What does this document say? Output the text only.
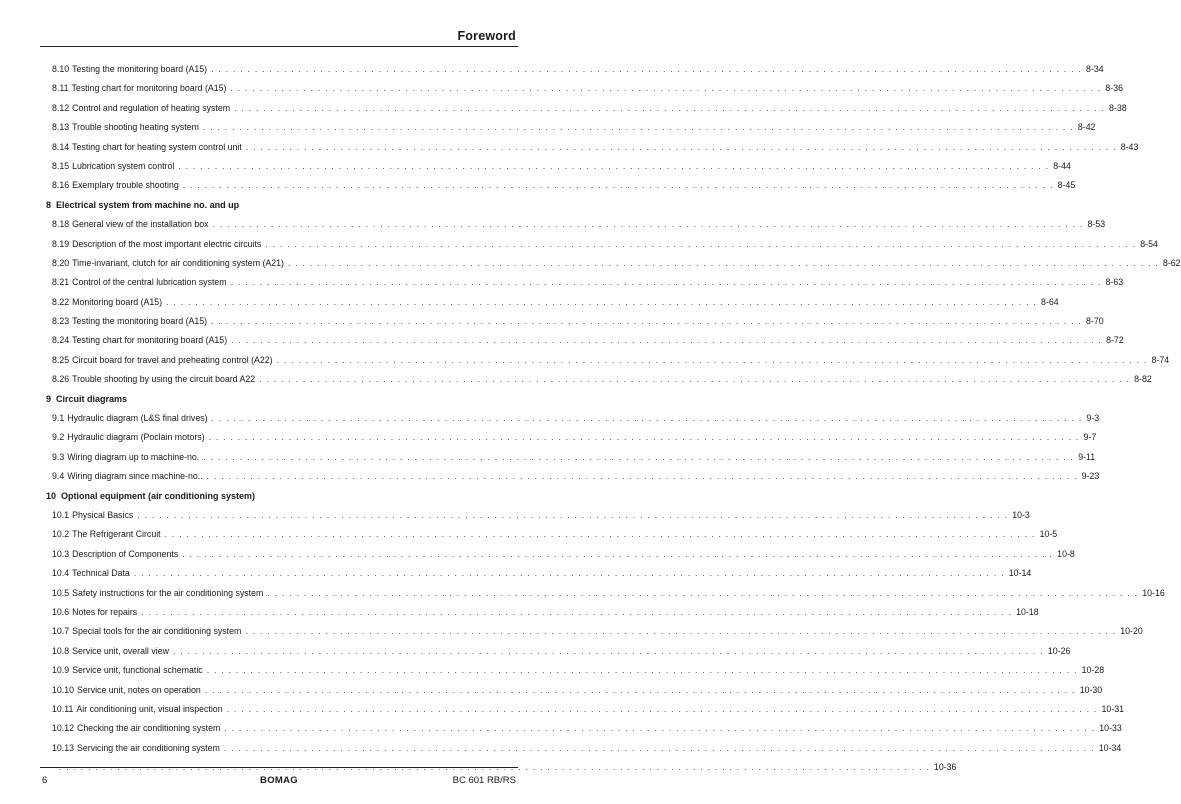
Foreword
8.10 Testing the monitoring board (A15) . . . . . . . . . . . . . . . . . . . . . . . . . . . . . . . . . . . . . . . . . . . . . . . . . . . . . . . . . . . . . . . . . . . . . . . . . . . . . . . . . . . . . . . . . . . . . . . . . . . . . . . . . . . . . . . . . . . . . . . . 8-34
8.11 Testing chart for monitoring board (A15) . . . . . . . . . . . . . . . . . . . . . . . . . . . . . . . . . . . . . . . . . . . . . . . . . . . . . . . . . . . . . . . . . . . . . . . . . . . . . . . . . . . . . . . . . . . . . . . . . . . . . . . . . . . . . . . . . . . . . . . . 8-36
8.12 Control and regulation of heating system . . . . . . . . . . . . . . . . . . . . . . . . . . . . . . . . . . . . . . . . . . . . . . . . . . . . . . . . . . . . . . . . . . . . . . . . . . . . . . . . . . . . . . . . . . . . . . . . . . . . . . . . . . . . . . . . . . . . . . . . 8-38
8.13 Trouble shooting heating system . . . . . . . . . . . . . . . . . . . . . . . . . . . . . . . . . . . . . . . . . . . . . . . . . . . . . . . . . . . . . . . . . . . . . . . . . . . . . . . . . . . . . . . . . . . . . . . . . . . . . . . . . . . . . . . . . . . . . . . . 8-42
8.14 Testing chart for heating system control unit . . . . . . . . . . . . . . . . . . . . . . . . . . . . . . . . . . . . . . . . . . . . . . . . . . . . . . . . . . . . . . . . . . . . . . . . . . . . . . . . . . . . . . . . . . . . . . . . . . . . . . . . . . . . . . . . . . . . . . . . 8-43
8.15 Lubrication system control . . . . . . . . . . . . . . . . . . . . . . . . . . . . . . . . . . . . . . . . . . . . . . . . . . . . . . . . . . . . . . . . . . . . . . . . . . . . . . . . . . . . . . . . . . . . . . . . . . . . . . . . . . . . . . . . . . . . . . . . 8-44
8.16 Exemplary trouble shooting . . . . . . . . . . . . . . . . . . . . . . . . . . . . . . . . . . . . . . . . . . . . . . . . . . . . . . . . . . . . . . . . . . . . . . . . . . . . . . . . . . . . . . . . . . . . . . . . . . . . . . . . . . . . . . . . . . . . . . . . 8-45
8 Electrical system from machine no. and up
8.18 General view of the installation box . . . . . . . . . . . . . . . . . . . . . . . . . . . . . . . . . . . . . . . . . . . . . . . . . . . . . . . . . . . . . . . . . . . . . . . . . . . . . . . . . . . . . . . . . . . . . . . . . . . . . . . . . . . . . . . . . . . . . . . . 8-53
8.19 Description of the most important electric circuits . . . . . . . . . . . . . . . . . . . . . . . . . . . . . . . . . . . . . . . . . . . . . . . . . . . . . . . . . . . . . . . . . . . . . . . . . . . . . . . . . . . . . . . . . . . . . . . . . . . . . . . . . . . . . . . . . . . . . . . . 8-54
8.20 Time-invariant, clutch for air conditioning system (A21) . . . . . . . . . . . . . . . . . . . . . . . . . . . . . . . . . . . . . . . . . . . . . . . . . . . . . . . . . . . . . . . . . . . . . . . . . . . . . . . . . . . . . . . . . . . . . . . . . . . . . . . . . . . . . . . . . . . . . . . . 8-62
8.21 Control of the central lubrication system . . . . . . . . . . . . . . . . . . . . . . . . . . . . . . . . . . . . . . . . . . . . . . . . . . . . . . . . . . . . . . . . . . . . . . . . . . . . . . . . . . . . . . . . . . . . . . . . . . . . . . . . . . . . . . . . . . . . . . . . 8-63
8.22 Monitoring board (A15) . . . . . . . . . . . . . . . . . . . . . . . . . . . . . . . . . . . . . . . . . . . . . . . . . . . . . . . . . . . . . . . . . . . . . . . . . . . . . . . . . . . . . . . . . . . . . . . . . . . . . . . . . . . . . . . . . . . . . . . . 8-64
8.23 Testing the monitoring board (A15) . . . . . . . . . . . . . . . . . . . . . . . . . . . . . . . . . . . . . . . . . . . . . . . . . . . . . . . . . . . . . . . . . . . . . . . . . . . . . . . . . . . . . . . . . . . . . . . . . . . . . . . . . . . . . . . . . . . . . . . . 8-70
8.24 Testing chart for monitoring board (A15) . . . . . . . . . . . . . . . . . . . . . . . . . . . . . . . . . . . . . . . . . . . . . . . . . . . . . . . . . . . . . . . . . . . . . . . . . . . . . . . . . . . . . . . . . . . . . . . . . . . . . . . . . . . . . . . . . . . . . . . . 8-72
8.25 Circuit board for travel and preheating control (A22) . . . . . . . . . . . . . . . . . . . . . . . . . . . . . . . . . . . . . . . . . . . . . . . . . . . . . . . . . . . . . . . . . . . . . . . . . . . . . . . . . . . . . . . . . . . . . . . . . . . . . . . . . . . . . . . . . . . . . . . . 8-74
8.26 Trouble shooting by using the circuit board A22 . . . . . . . . . . . . . . . . . . . . . . . . . . . . . . . . . . . . . . . . . . . . . . . . . . . . . . . . . . . . . . . . . . . . . . . . . . . . . . . . . . . . . . . . . . . . . . . . . . . . . . . . . . . . . . . . . . . . . . . . 8-82
9 Circuit diagrams
9.1 Hydraulic diagram (L&S final drives) . . . . . . . . . . . . . . . . . . . . . . . . . . . . . . . . . . . . . . . . . . . . . . . . . . . . . . . . . . . . . . . . . . . . . . . . . . . . . . . . . . . . . . . . . . . . . . . . . . . . . . . . . . . . . . . . . . . . . . . . 9-3
9.2 Hydraulic diagram (Poclain motors) . . . . . . . . . . . . . . . . . . . . . . . . . . . . . . . . . . . . . . . . . . . . . . . . . . . . . . . . . . . . . . . . . . . . . . . . . . . . . . . . . . . . . . . . . . . . . . . . . . . . . . . . . . . . . . . . . . . . . . . . 9-7
9.3 Wiring diagram up to machine-no. . . . . . . . . . . . . . . . . . . . . . . . . . . . . . . . . . . . . . . . . . . . . . . . . . . . . . . . . . . . . . . . . . . . . . . . . . . . . . . . . . . . . . . . . . . . . . . . . . . . . . . . . . . . . . . . . . . . . . . . . 9-11
9.4 Wiring diagram since machine-no.. . . . . . . . . . . . . . . . . . . . . . . . . . . . . . . . . . . . . . . . . . . . . . . . . . . . . . . . . . . . . . . . . . . . . . . . . . . . . . . . . . . . . . . . . . . . . . . . . . . . . . . . . . . . . . . . . . . . . . . . . 9-23
10 Optional equipment (air conditioning system)
10.1 Physical Basics . . . . . . . . . . . . . . . . . . . . . . . . . . . . . . . . . . . . . . . . . . . . . . . . . . . . . . . . . . . . . . . . . . . . . . . . . . . . . . . . . . . . . . . . . . . . . . . . . . . . . . . . . . . . . . . . . . . . . . . . 10-3
10.2 The Refrigerant Circuit . . . . . . . . . . . . . . . . . . . . . . . . . . . . . . . . . . . . . . . . . . . . . . . . . . . . . . . . . . . . . . . . . . . . . . . . . . . . . . . . . . . . . . . . . . . . . . . . . . . . . . . . . . . . . . . . . . . . . . . . 10-5
10.3 Description of Components . . . . . . . . . . . . . . . . . . . . . . . . . . . . . . . . . . . . . . . . . . . . . . . . . . . . . . . . . . . . . . . . . . . . . . . . . . . . . . . . . . . . . . . . . . . . . . . . . . . . . . . . . . . . . . . . . . . . . . . . 10-8
10.4 Technical Data . . . . . . . . . . . . . . . . . . . . . . . . . . . . . . . . . . . . . . . . . . . . . . . . . . . . . . . . . . . . . . . . . . . . . . . . . . . . . . . . . . . . . . . . . . . . . . . . . . . . . . . . . . . . . . . . . . . . . . . . 10-14
10.5 Safety instructions for the air conditioning system . . . . . . . . . . . . . . . . . . . . . . . . . . . . . . . . . . . . . . . . . . . . . . . . . . . . . . . . . . . . . . . . . . . . . . . . . . . . . . . . . . . . . . . . . . . . . . . . . . . . . . . . . . . . . . . . . . . . . . . . 10-16
10.6 Notes for repairs . . . . . . . . . . . . . . . . . . . . . . . . . . . . . . . . . . . . . . . . . . . . . . . . . . . . . . . . . . . . . . . . . . . . . . . . . . . . . . . . . . . . . . . . . . . . . . . . . . . . . . . . . . . . . . . . . . . . . . . . 10-18
10.7 Special tools for the air conditioning system . . . . . . . . . . . . . . . . . . . . . . . . . . . . . . . . . . . . . . . . . . . . . . . . . . . . . . . . . . . . . . . . . . . . . . . . . . . . . . . . . . . . . . . . . . . . . . . . . . . . . . . . . . . . . . . . . . . . . . . . 10-20
10.8 Service unit, overall view . . . . . . . . . . . . . . . . . . . . . . . . . . . . . . . . . . . . . . . . . . . . . . . . . . . . . . . . . . . . . . . . . . . . . . . . . . . . . . . . . . . . . . . . . . . . . . . . . . . . . . . . . . . . . . . . . . . . . . . . 10-26
10.9 Service unit, functional schematic . . . . . . . . . . . . . . . . . . . . . . . . . . . . . . . . . . . . . . . . . . . . . . . . . . . . . . . . . . . . . . . . . . . . . . . . . . . . . . . . . . . . . . . . . . . . . . . . . . . . . . . . . . . . . . . . . . . . . . . . 10-28
10.10 Service unit, notes on operation . . . . . . . . . . . . . . . . . . . . . . . . . . . . . . . . . . . . . . . . . . . . . . . . . . . . . . . . . . . . . . . . . . . . . . . . . . . . . . . . . . . . . . . . . . . . . . . . . . . . . . . . . . . . . . . . . . . . . . . . 10-30
10.11 Air conditioning unit, visual inspection . . . . . . . . . . . . . . . . . . . . . . . . . . . . . . . . . . . . . . . . . . . . . . . . . . . . . . . . . . . . . . . . . . . . . . . . . . . . . . . . . . . . . . . . . . . . . . . . . . . . . . . . . . . . . . . . . . . . . . . . 10-31
10.12 Checking the air conditioning system . . . . . . . . . . . . . . . . . . . . . . . . . . . . . . . . . . . . . . . . . . . . . . . . . . . . . . . . . . . . . . . . . . . . . . . . . . . . . . . . . . . . . . . . . . . . . . . . . . . . . . . . . . . . . . . . . . . . . . . . 10-33
10.13 Servicing the air conditioning system . . . . . . . . . . . . . . . . . . . . . . . . . . . . . . . . . . . . . . . . . . . . . . . . . . . . . . . . . . . . . . . . . . . . . . . . . . . . . . . . . . . . . . . . . . . . . . . . . . . . . . . . . . . . . . . . . . . . . . . . 10-34
. . . . . . . . . . . . . . . . . . . . . . . . . . . . . . . . . . . . . . . . . . . . . . . . . . . . . . . . . . . . . . . . . . . . . . . . . . . . . . . . . . . . . . . . . . . . . . . . . . . . . . . . . . . . . . . . . . . . . . . . 10-36
6	BOMAG	BC 601 RB/RS
